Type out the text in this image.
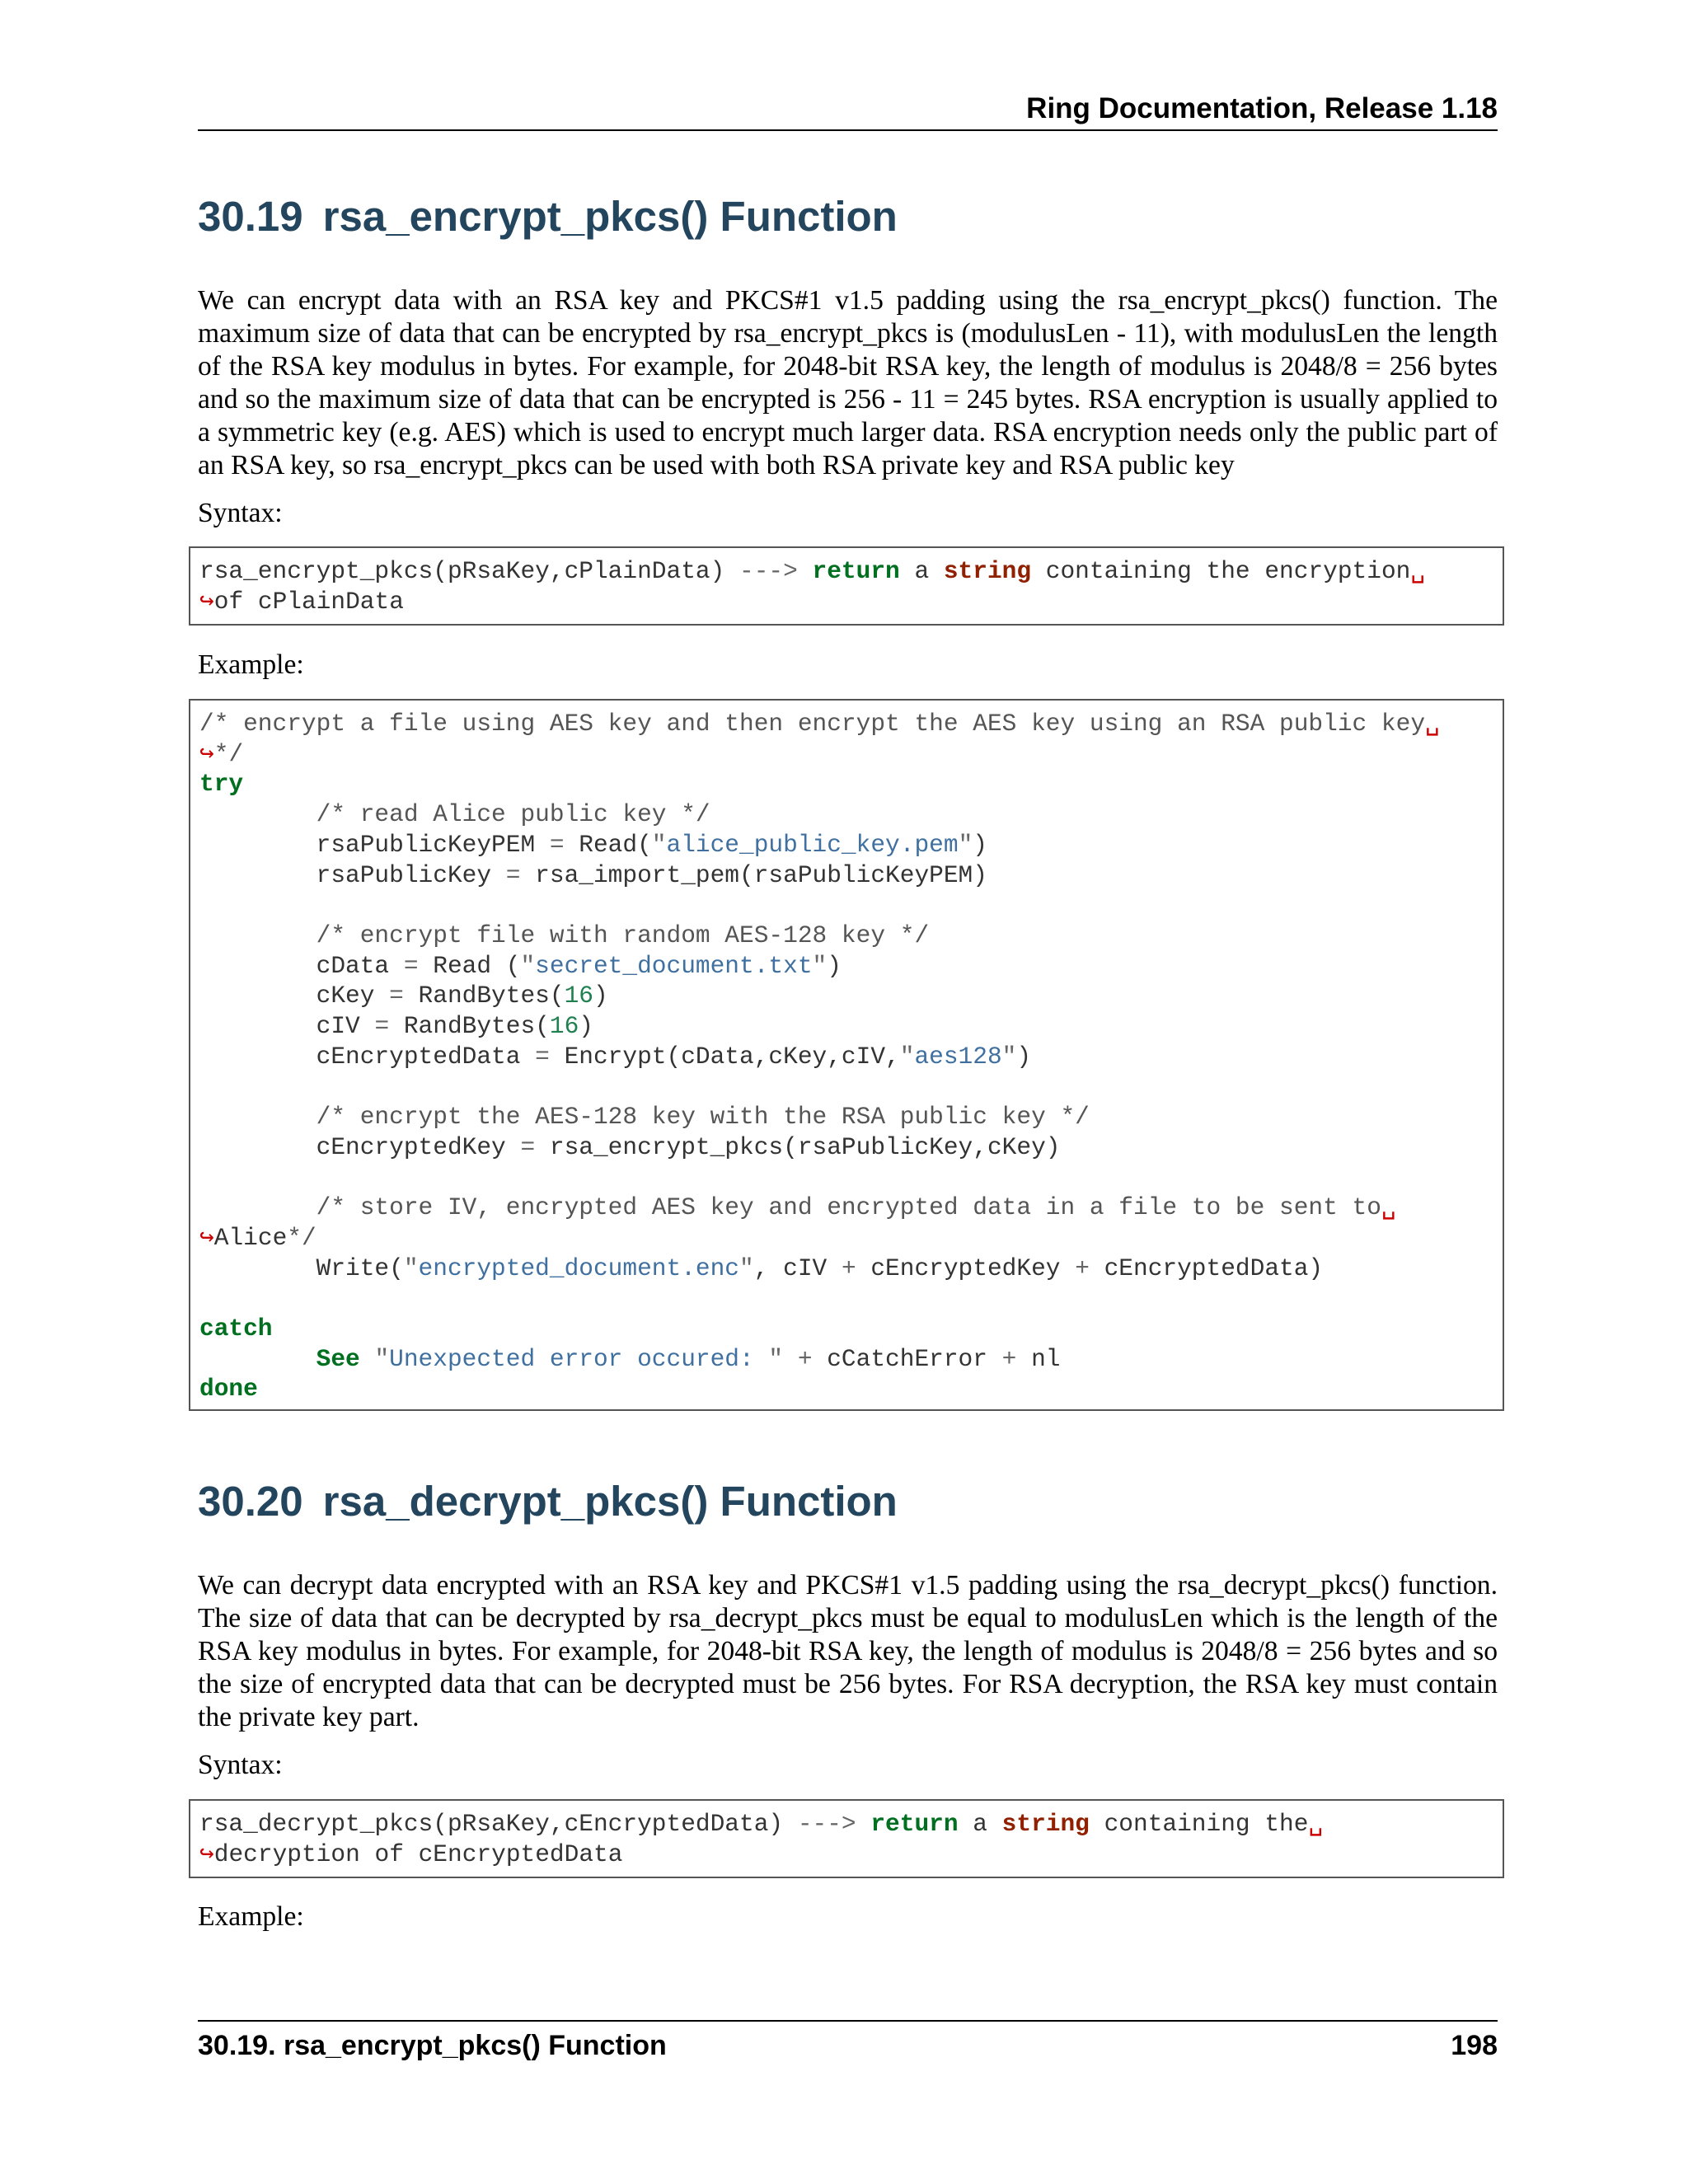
Ring Documentation, Release 1.18
30.19 rsa_encrypt_pkcs() Function

We can encrypt data with an RSA key and PKCS#1 v1.5 padding using the rsa_encrypt_pkcs() function. The maximum size of data that can be encrypted by rsa_encrypt_pkcs is (modulusLen - 11), with modulusLen the length of the RSA key modulus in bytes. For example, for 2048-bit RSA key, the length of modulus is 2048/8 = 256 bytes and so the maximum size of data that can be encrypted is 256 - 11 = 245 bytes. RSA encryption is usually applied to a symmetric key (e.g. AES) which is used to encrypt much larger data. RSA encryption needs only the public part of an RSA key, so rsa_encrypt_pkcs can be used with both RSA private key and RSA public key

Syntax:

rsa_encrypt_pkcs(pRsaKey,cPlainData) ---> return a string containing the encryption␣
↪of cPlainData

Example:

/* encrypt a file using AES key and then encrypt the AES key using an RSA public key␣
↪*/
try
/* read Alice public key */
rsaPublicKeyPEM = Read("alice_public_key.pem")
rsaPublicKey = rsa_import_pem(rsaPublicKeyPEM)

/* encrypt file with random AES-128 key */
cData = Read ("secret_document.txt")
cKey = RandBytes(16)
cIV = RandBytes(16)
cEncryptedData = Encrypt(cData,cKey,cIV,"aes128")

/* encrypt the AES-128 key with the RSA public key */
cEncryptedKey = rsa_encrypt_pkcs(rsaPublicKey,cKey)

/* store IV, encrypted AES key and encrypted data in a file to be sent to␣
↪Alice*/
Write("encrypted_document.enc", cIV + cEncryptedKey + cEncryptedData)

catch
See "Unexpected error occured: " + cCatchError + nl
done
30.20 rsa_decrypt_pkcs() Function

We can decrypt data encrypted with an RSA key and PKCS#1 v1.5 padding using the rsa_decrypt_pkcs() function. The size of data that can be decrypted by rsa_decrypt_pkcs must be equal to modulusLen which is the length of the RSA key modulus in bytes. For example, for 2048-bit RSA key, the length of modulus is 2048/8 = 256 bytes and so the size of encrypted data that can be decrypted must be 256 bytes. For RSA decryption, the RSA key must contain the private key part.

Syntax:

rsa_decrypt_pkcs(pRsaKey,cEncryptedData) ---> return a string containing the␣
↪decryption of cEncryptedData

Example:

30.19. rsa_encrypt_pkcs() Function	198
